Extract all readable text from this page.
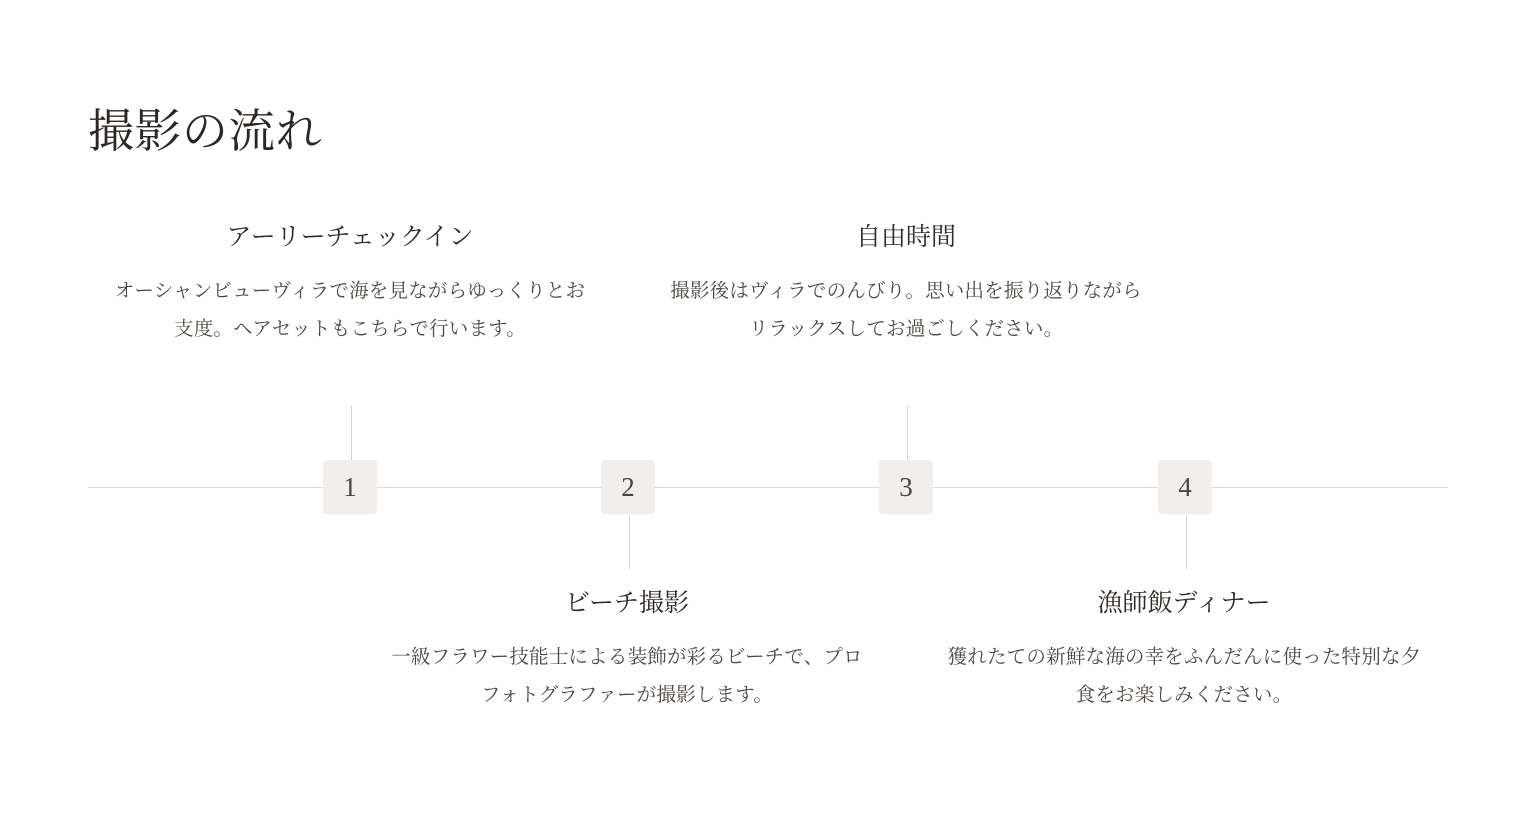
撮影の流れ
アーリーチェックイン
オーシャンビューヴィラで海を見ながらゆっくりとお支度。ヘアセットもこちらで行います。
1	2
ビーチ撮影
一級フラワー技能士による装飾が彩るビーチで、プロフォトグラファーが撮影します。
自由時間
撮影後はヴィラでのんびり。思い出を振り返りながらリラックスしてお過ごしください。
3	4
漁師飯ディナー
獲れたての新鮮な海の幸をふんだんに使った特別な夕食をお楽しみください。
